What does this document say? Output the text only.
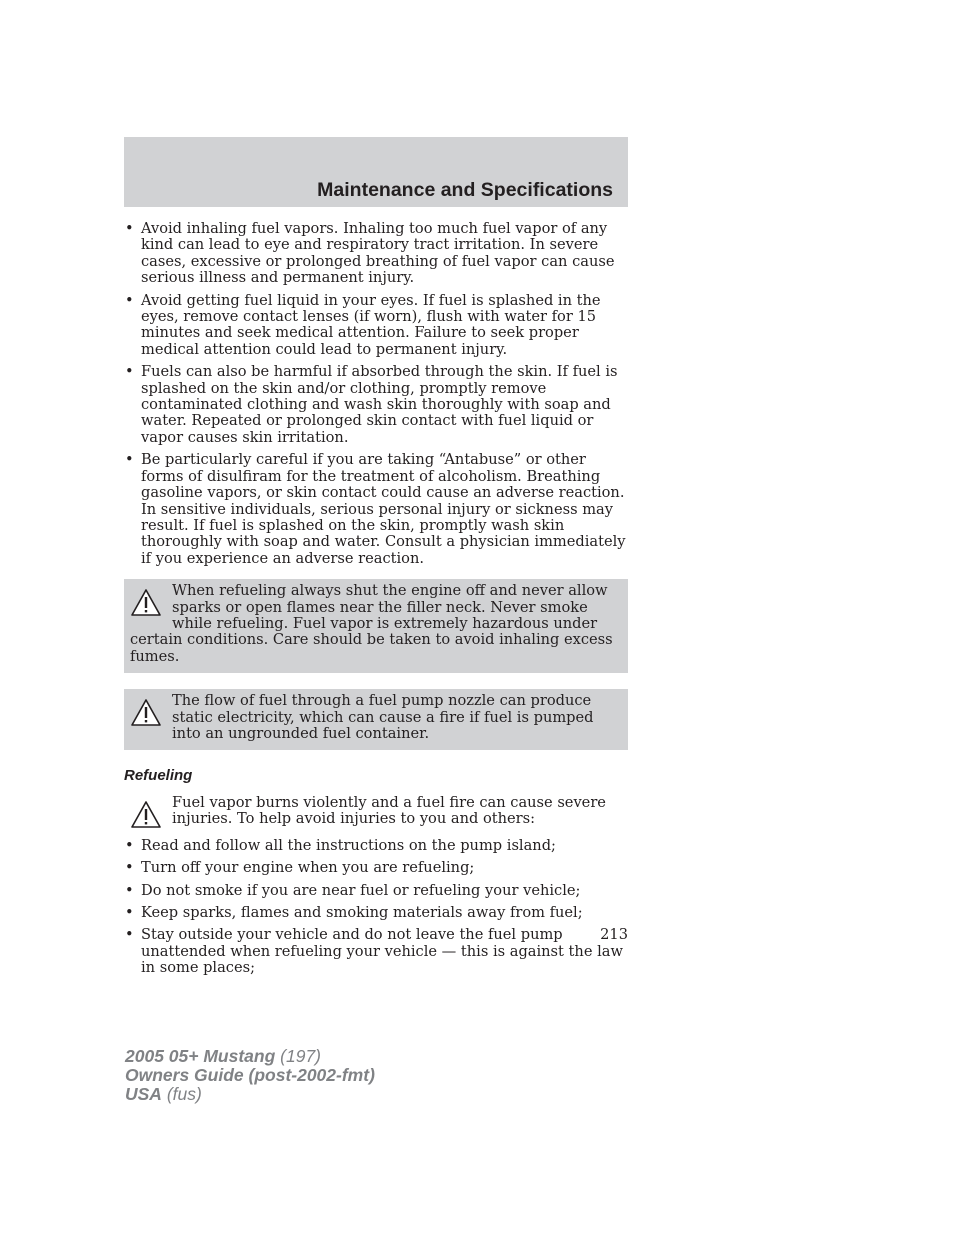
Maintenance and Specifications
• Avoid inhaling fuel vapors. Inhaling too much fuel vapor of any kind can lead to eye and respiratory tract irritation. In severe cases, excessive or prolonged breathing of fuel vapor can cause serious illness and permanent injury.
• Avoid getting fuel liquid in your eyes. If fuel is splashed in the eyes, remove contact lenses (if worn), flush with water for 15 minutes and seek medical attention. Failure to seek proper medical attention could lead to permanent injury.
• Fuels can also be harmful if absorbed through the skin. If fuel is splashed on the skin and/or clothing, promptly remove contaminated clothing and wash skin thoroughly with soap and water. Repeated or prolonged skin contact with fuel liquid or vapor causes skin irritation.
• Be particularly careful if you are taking “Antabuse” or other forms of disulfiram for the treatment of alcoholism. Breathing gasoline vapors, or skin contact could cause an adverse reaction. In sensitive individuals, serious personal injury or sickness may result. If fuel is splashed on the skin, promptly wash skin thoroughly with soap and water. Consult a physician immediately if you experience an adverse reaction.
When refueling always shut the engine off and never allow sparks or open flames near the filler neck. Never smoke while refueling. Fuel vapor is extremely hazardous under certain conditions. Care should be taken to avoid inhaling excess fumes.
The flow of fuel through a fuel pump nozzle can produce static electricity, which can cause a fire if fuel is pumped into an ungrounded fuel container.
Refueling
Fuel vapor burns violently and a fuel fire can cause severe injuries. To help avoid injuries to you and others:
• Read and follow all the instructions on the pump island;
• Turn off your engine when you are refueling;
• Do not smoke if you are near fuel or refueling your vehicle;
• Keep sparks, flames and smoking materials away from fuel;
• Stay outside your vehicle and do not leave the fuel pump unattended when refueling your vehicle — this is against the law in some places;
213
2005 05+ Mustang (197)
Owners Guide (post-2002-fmt)
USA (fus)
